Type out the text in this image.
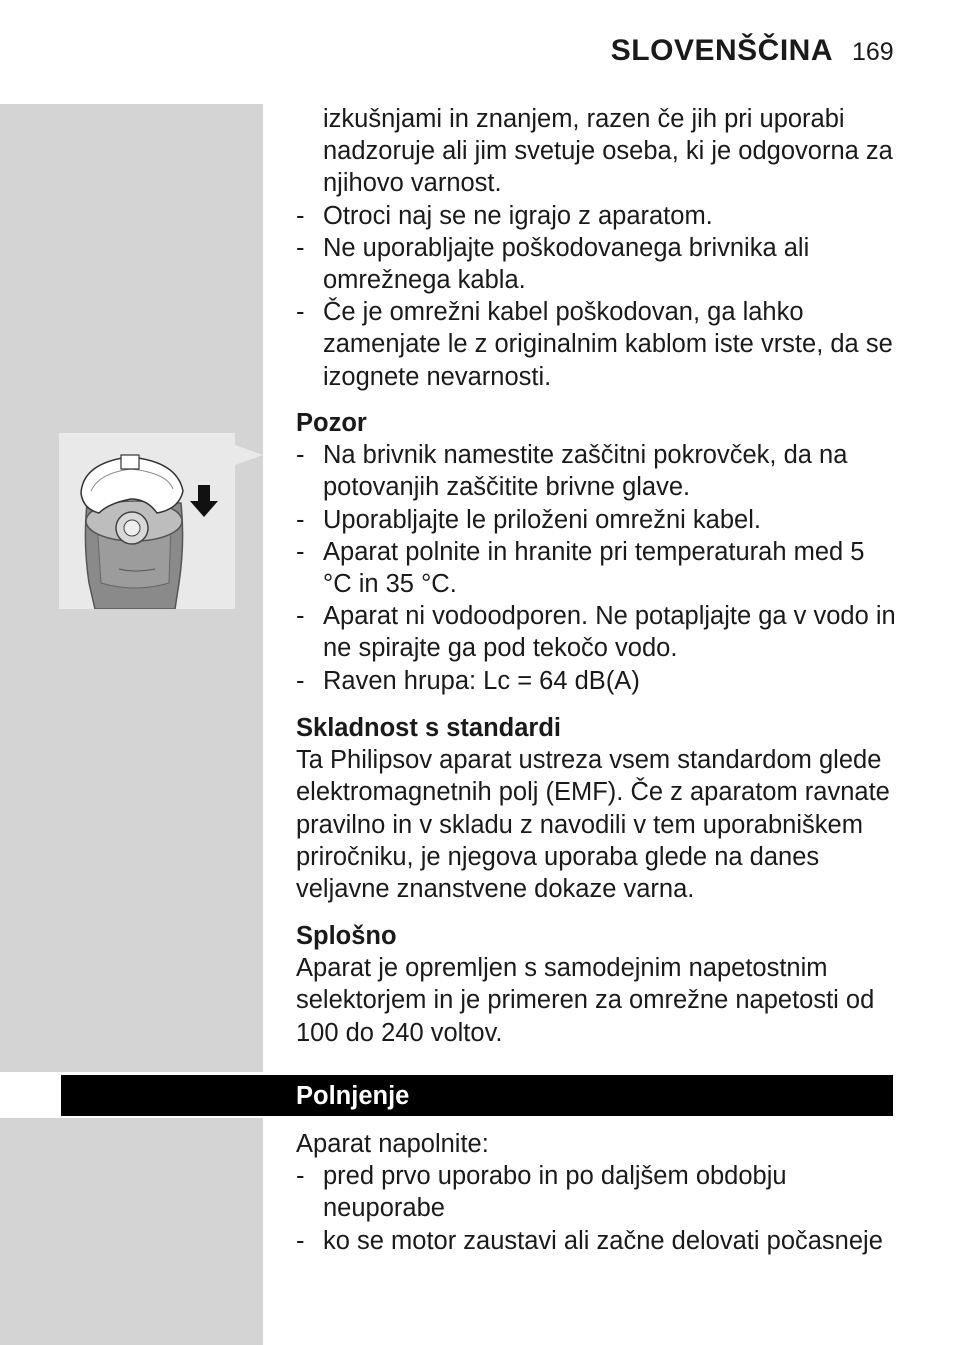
SLOVENŠČINA 169
izkušnjami in znanjem, razen če jih pri uporabi nadzoruje ali jim svetuje oseba, ki je odgovorna za njihovo varnost.
- Otroci naj se ne igrajo z aparatom.
- Ne uporabljajte poškodovanega brivnika ali omrežnega kabla.
- Če je omrežni kabel poškodovan, ga lahko zamenjate le z originalnim kablom iste vrste, da se izognete nevarnosti.
Pozor
- Na brivnik namestite zaščitni pokrovček, da na potovanjih zaščitite brivne glave.
- Uporabljajte le priloženi omrežni kabel.
- Aparat polnite in hranite pri temperaturah med 5 °C in 35 °C.
- Aparat ni vodoodporen. Ne potapljajte ga v vodo in ne spirajte ga pod tekočo vodo.
- Raven hrupa: Lc = 64 dB(A)
Skladnost s standardi
Ta Philipsov aparat ustreza vsem standardom glede elektromagnetnih polj (EMF). Če z aparatom ravnate pravilno in v skladu z navodili v tem uporabniškem priročniku, je njegova uporaba glede na danes veljavne znanstvene dokaze varna.
Splošno
Aparat je opremljen s samodejnim napetostnim selektorjem in je primeren za omrežne napetosti od 100 do 240 voltov.
Polnjenje
Aparat napolnite:
- pred prvo uporabo in po daljšem obdobju neuporabe
- ko se motor zaustavi ali začne delovati počasneje
